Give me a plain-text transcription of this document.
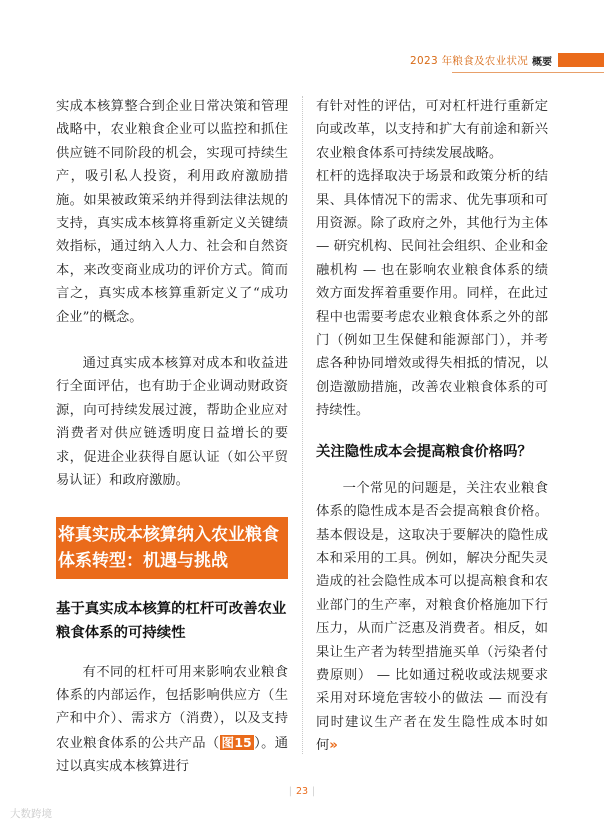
2023 年粮食及农业状况 概要

实成本核算整合到企业日常决策和管理战略中，农业粮食企业可以监控和抓住供应链不同阶段的机会，实现可持续生产，吸引私人投资，利用政府激励措施。如果被政策采纳并得到法律法规的支持，真实成本核算将重新定义关键绩效指标，通过纳入人力、社会和自然资本，来改变商业成功的评价方式。简而言之，真实成本核算重新定义了“成功企业”的概念。

通过真实成本核算对成本和收益进行全面评估，也有助于企业调动财政资源，向可持续发展过渡，帮助企业应对消费者对供应链透明度日益增长的要求，促进企业获得自愿认证（如公平贸易认证）和政府激励。

将真实成本核算纳入农业粮食体系转型：机遇与挑战
基于真实成本核算的杠杆可改善农业粮食体系的可持续性

有不同的杠杆可用来影响农业粮食体系的内部运作，包括影响供应方（生产和中介）、需求方（消费），以及支持农业粮食体系的公共产品（ 图15 ）。通过以真实成本核算进行

有针对性的评估，可对杠杆进行重新定向或改革，以支持和扩大有前途和新兴农业粮食体系可持续发展战略。

杠杆的选择取决于场景和政策分析的结果、具体情况下的需求、优先事项和可用资源。除了政府之外，其他行为主体 — 研究机构、民间社会组织、企业和金融机构 — 也在影响农业粮食体系的绩效方面发挥着重要作用。同样，在此过程中也需要考虑农业粮食体系之外的部门（例如卫生保健和能源部门），并考虑各种协同增效或得失相抵的情况，以创造激励措施，改善农业粮食体系的可持续性。

关注隐性成本会提高粮食价格吗？

一个常见的问题是，关注农业粮食体系的隐性成本是否会提高粮食价格。基本假设是，这取决于要解决的隐性成本和采用的工具。例如，解决分配失灵造成的社会隐性成本可以提高粮食和农业部门的生产率，对粮食价格施加下行压力，从而广泛惠及消费者。相反，如果让生产者为转型措施买单（污染者付费原则） — 比如通过税收或法规要求采用对环境危害较小的做法 — 而没有同时建议生产者在发生隐性成本时如何»

| 23 |
大数跨境
